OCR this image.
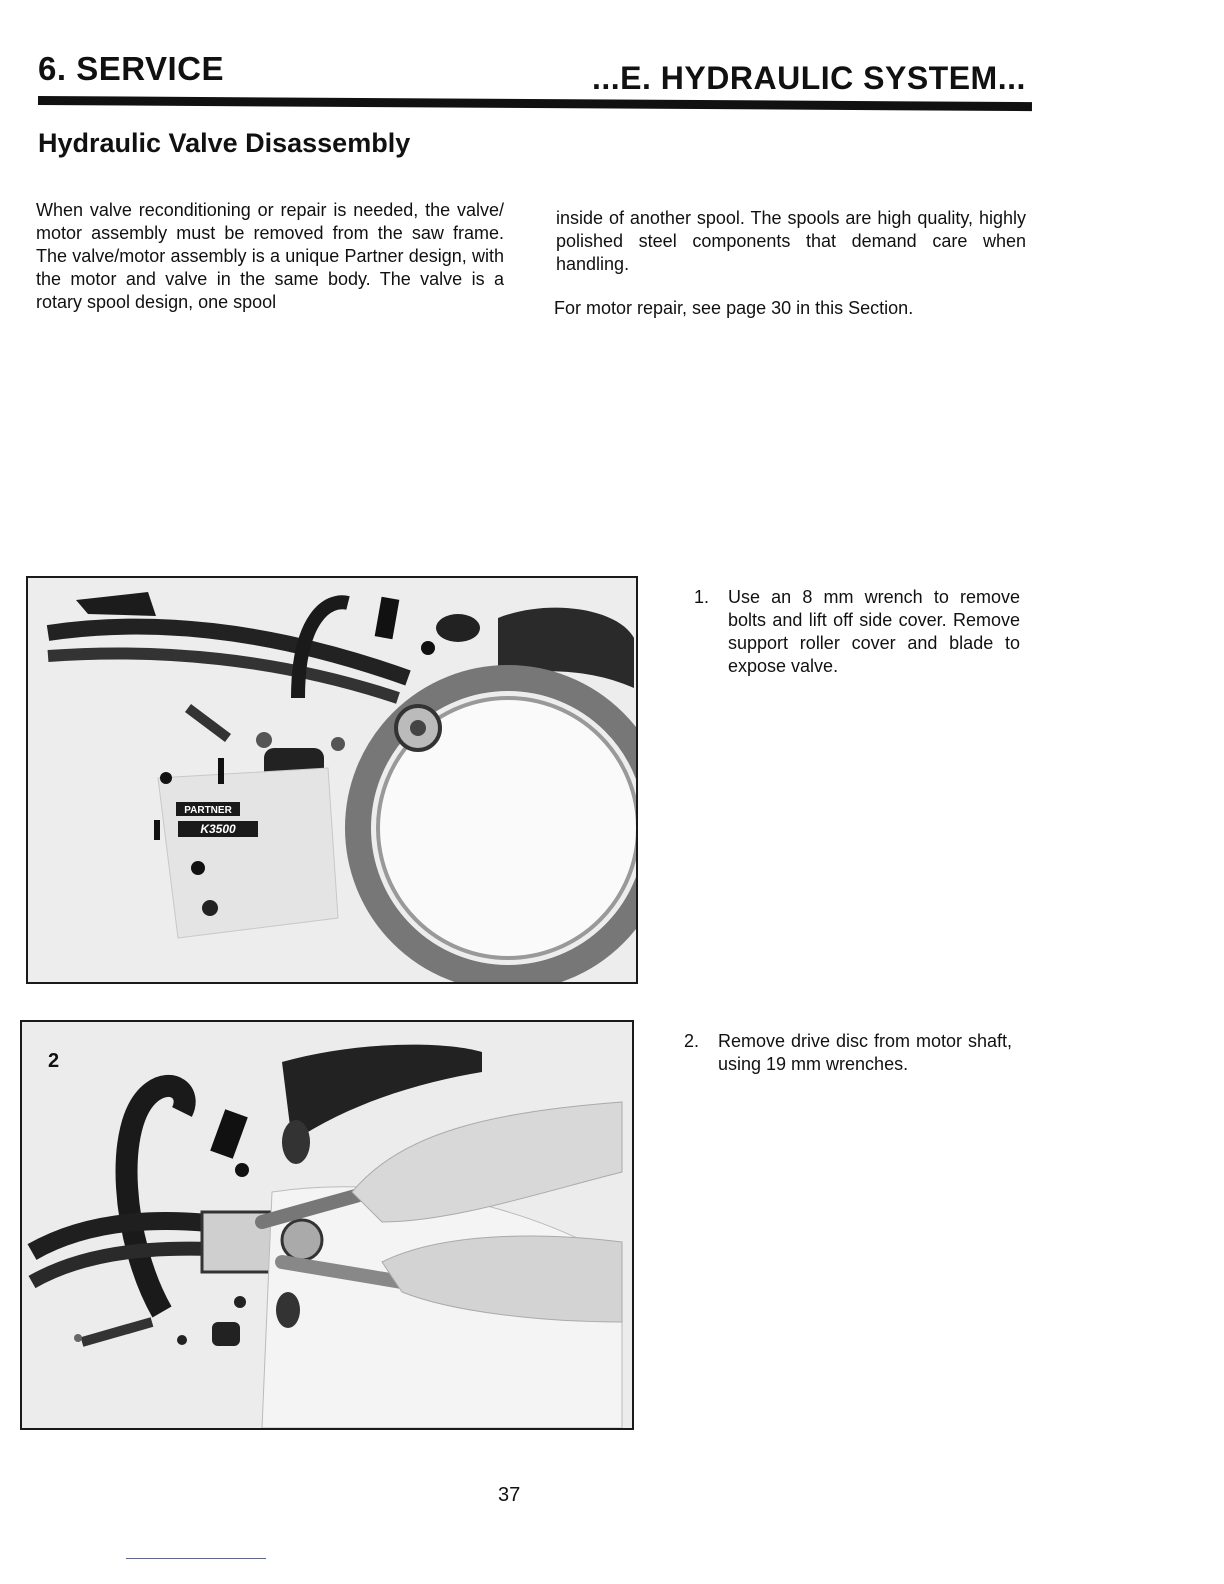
6. SERVICE	...E. HYDRAULIC SYSTEM...
Hydraulic Valve Disassembly
When valve reconditioning or repair is needed, the valve/ motor assembly must be removed from the saw frame. The valve/motor assembly is a unique Partner design, with the motor and valve in the same body. The valve is a rotary spool design, one spool
inside of another spool. The spools are high quality, highly polished steel components that demand care when handling.
For motor repair, see page 30 in this Section.
PARTNER
K3500
1. Use an 8 mm wrench to remove bolts and lift off side cover. Remove support roller cover and blade to expose valve.
2
2. Remove drive disc from motor shaft, using 19 mm wrenches.
37
